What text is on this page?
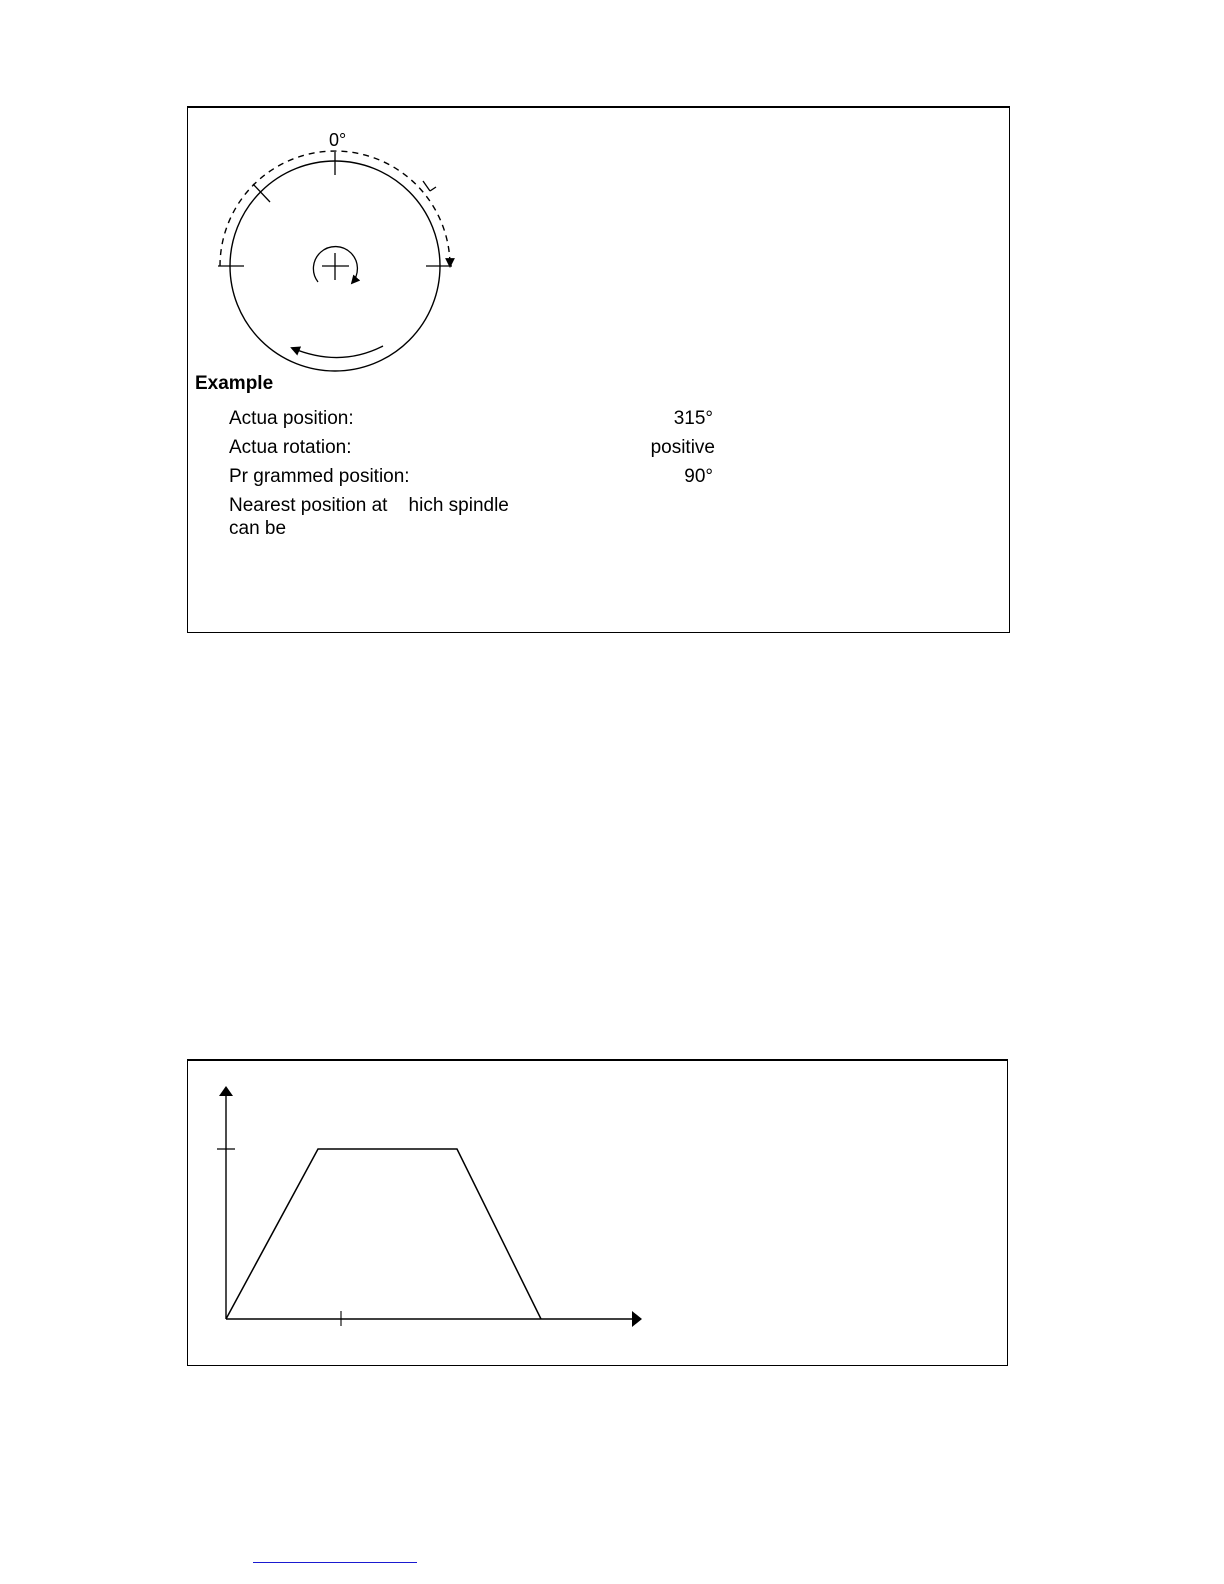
0°
Example
Actua position:	315°
Actua rotation:	positive
Pr grammed position:	90°
Nearest position at    hich spindle
can be
